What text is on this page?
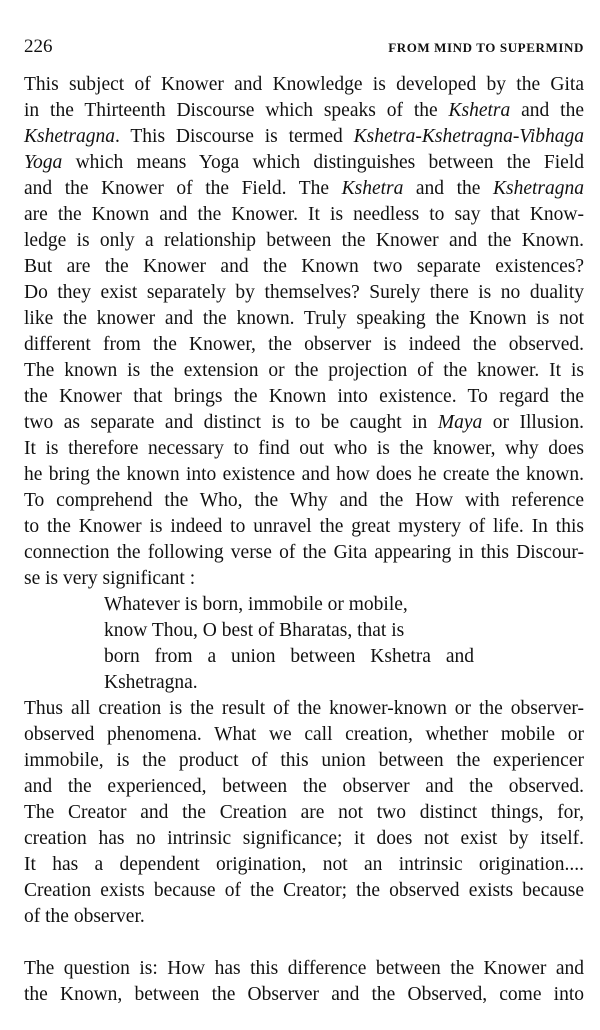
226	FROM MIND TO SUPERMIND
This subject of Knower and Knowledge is developed by the Gita
in the Thirteenth Discourse which speaks of the Kshetra and the
Kshetragna. This Discourse is termed Kshetra-Kshetragna-Vibhaga
Yoga which means Yoga which distinguishes between the Field
and the Knower of the Field. The Kshetra and the Kshetragna
are the Known and the Knower. It is needless to say that Know-
ledge is only a relationship between the Knower and the Known.
But are the Knower and the Known two separate existences?
Do they exist separately by themselves? Surely there is no duality
like the knower and the known. Truly speaking the Known is not
different from the Knower, the observer is indeed the observed.
The known is the extension or the projection of the knower. It is
the Knower that brings the Known into existence. To regard the
two as separate and distinct is to be caught in Maya or Illusion.
It is therefore necessary to find out who is the knower, why does
he bring the known into existence and how does he create the known.
To comprehend the Who, the Why and the How with reference
to the Knower is indeed to unravel the great mystery of life. In this
connection the following verse of the Gita appearing in this Discour-
se is very significant :
Whatever is born, immobile or mobile,
know Thou, O best of Bharatas, that is
born from a union between Kshetra and
Kshetragna.
Thus all creation is the result of the knower-known or the observer-
observed phenomena. What we call creation, whether mobile or
immobile, is the product of this union between the experiencer
and the experienced, between the observer and the observed.
The Creator and the Creation are not two distinct things, for,
creation has no intrinsic significance; it does not exist by itself.
It has a dependent origination, not an intrinsic origination....
Creation exists because of the Creator; the observed exists because
of the observer.
The question is: How has this difference between the Knower and
the Known, between the Observer and the Observed, come into
